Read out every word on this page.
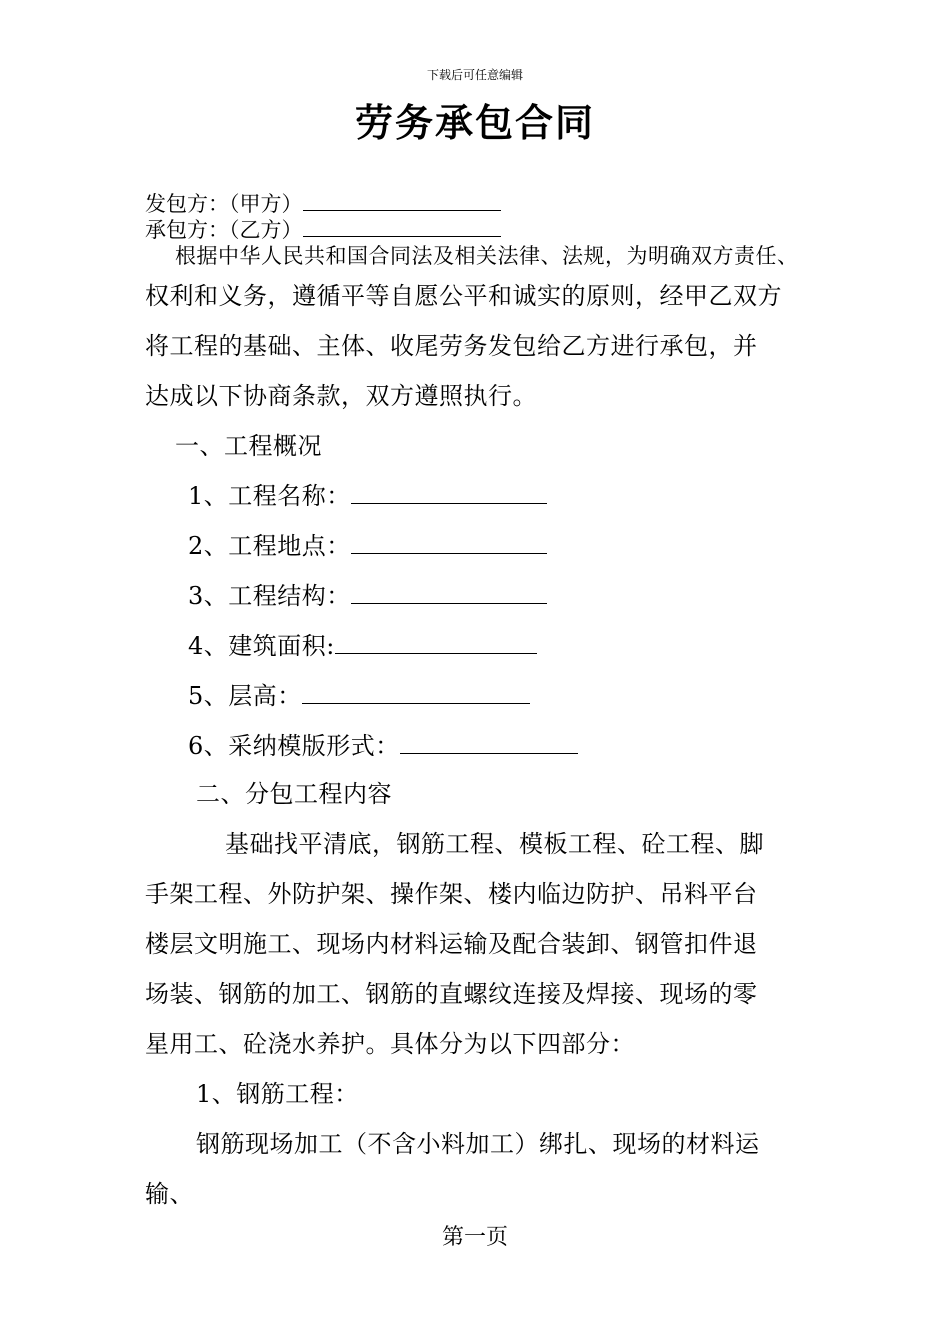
下载后可任意编辑
劳务承包合同
发包方：（甲方）
承包方：（乙方）
根据中华人民共和国合同法及相关法律、法规，为明确双方责任、
权利和义务，遵循平等自愿公平和诚实的原则，经甲乙双方
将工程的基础、主体、收尾劳务发包给乙方进行承包，并
达成以下协商条款，双方遵照执行。
一、工程概况
1、工程名称：
2、工程地点：
3、工程结构：
4、建筑面积:
5、层高：
6、采纳模版形式：
二、分包工程内容
基础找平清底，钢筋工程、模板工程、砼工程、脚
手架工程、外防护架、操作架、楼内临边防护、吊料平台
楼层文明施工、现场内材料运输及配合装卸、钢管扣件退
场装、钢筋的加工、钢筋的直螺纹连接及焊接、现场的零
星用工、砼浇水养护。具体分为以下四部分：
1、钢筋工程：
钢筋现场加工（不含小料加工）绑扎、现场的材料运
输、
第一页
